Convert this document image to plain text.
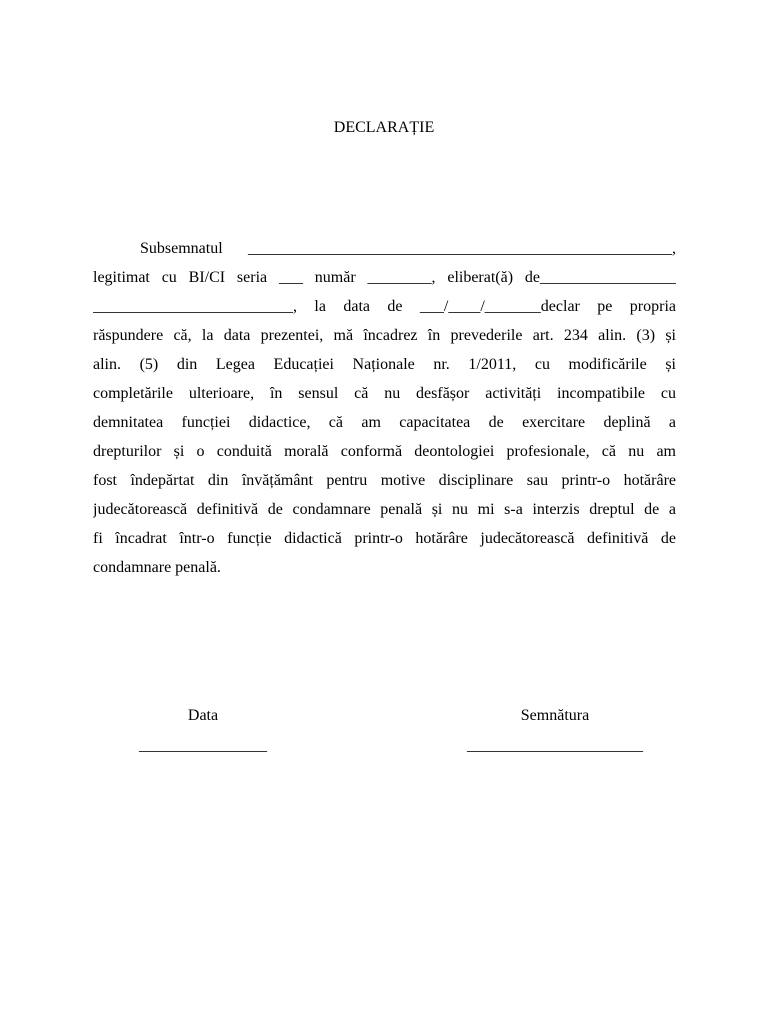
DECLARAȚIE
Subsemnatul _____________________________________________________,
legitimat cu BI/CI seria ___ număr ________, eliberat(ă) de_________________
_________________________, la data de ___/____/_______declar pe propria
răspundere că, la data prezentei, mă încadrez în prevederile art. 234 alin. (3) și
alin. (5) din Legea Educației Naționale nr. 1/2011, cu modificările și
completările ulterioare, în sensul că nu desfășor activități incompatibile cu
demnitatea funcției didactice, că am capacitatea de exercitare deplină a
drepturilor și o conduită morală conformă deontologiei profesionale, că nu am
fost îndepărtat din învățământ pentru motive disciplinare sau printr-o hotărâre
judecătorească definitivă de condamnare penală și nu mi s-a interzis dreptul de a
fi încadrat într-o funcție didactică printr-o hotărâre judecătorească definitivă de
condamnare penală.
Data
________________
Semnătura
______________________
